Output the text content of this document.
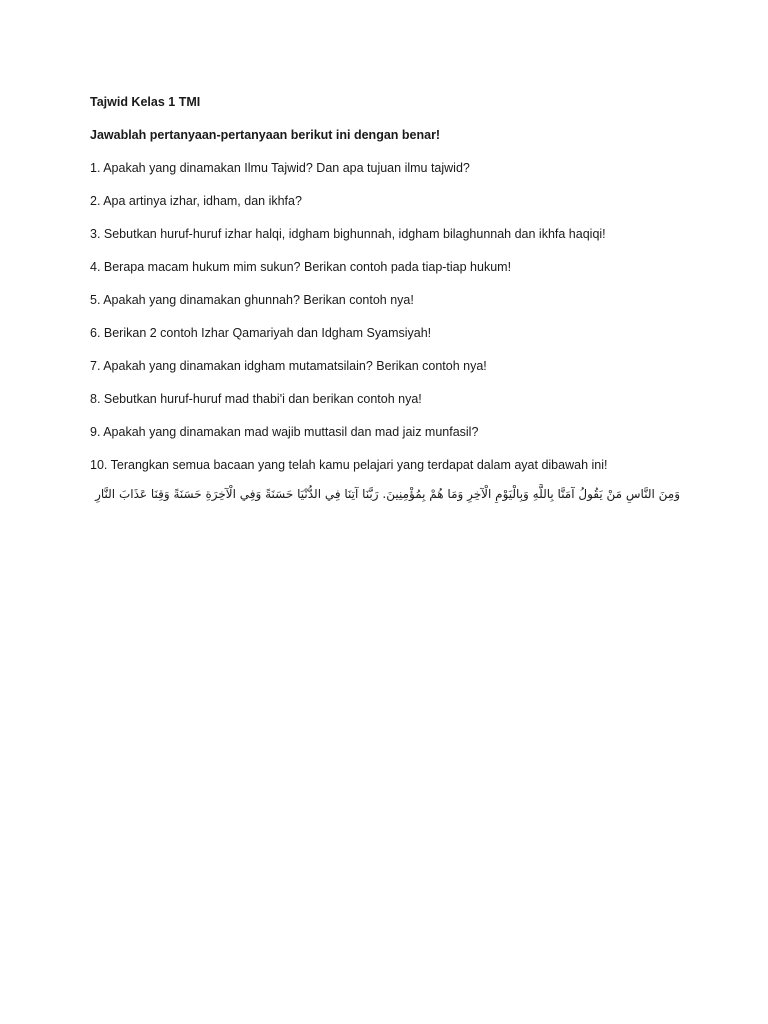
Tajwid Kelas 1 TMI

Jawablah pertanyaan-pertanyaan berikut ini dengan benar!

1. Apakah yang dinamakan Ilmu Tajwid? Dan apa tujuan ilmu tajwid?
2. Apa artinya izhar, idham, dan ikhfa?
3. Sebutkan huruf-huruf izhar halqi, idgham bighunnah, idgham bilaghunnah dan ikhfa haqiqi!
4. Berapa macam hukum mim sukun? Berikan contoh pada tiap-tiap hukum!
5. Apakah yang dinamakan ghunnah? Berikan contoh nya!
6. Berikan 2 contoh Izhar Qamariyah dan Idgham Syamsiyah!
7. Apakah yang dinamakan idgham mutamatsilain? Berikan contoh nya!
8. Sebutkan huruf-huruf mad thabi'i dan berikan contoh nya!
9. Apakah yang dinamakan mad wajib muttasil dan mad jaiz munfasil?
10. Terangkan semua bacaan yang telah kamu pelajari yang terdapat dalam ayat dibawah ini!
وَمِنَ النَّاسِ مَنْ يَقُولُ آمَنَّا بِاللَّهِ وَبِالْيَوْمِ الْآخِرِ وَمَا هُمْ بِمُؤْمِنِينَ. رَبَّنَا آتِنَا فِي الدُّنْيَا حَسَنَةً وَفِي الْآخِرَةِ حَسَنَةً وَقِنَا عَذَابَ النَّارِ
